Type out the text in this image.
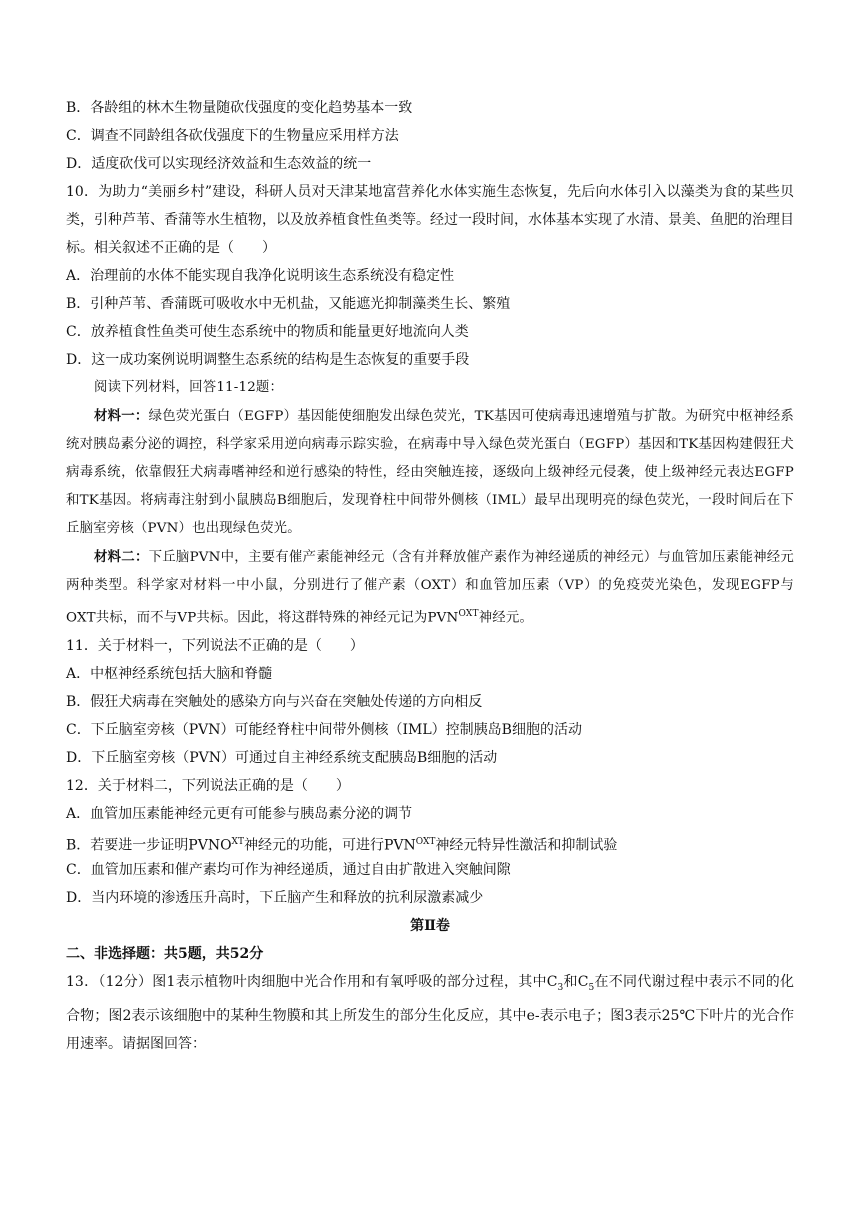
B．各龄组的林木生物量随砍伐强度的变化趋势基本一致
C．调查不同龄组各砍伐强度下的生物量应采用样方法
D．适度砍伐可以实现经济效益和生态效益的统一
10．为助力“美丽乡村”建设，科研人员对天津某地富营养化水体实施生态恢复，先后向水体引入以藻类为食的某些贝类，引种芦苇、香蒲等水生植物，以及放养植食性鱼类等。经过一段时间，水体基本实现了水清、景美、鱼肥的治理目标。相关叙述不正确的是（　　）
A．治理前的水体不能实现自我净化说明该生态系统没有稳定性
B．引种芦苇、香蒲既可吸收水中无机盐，又能遮光抑制藻类生长、繁殖
C．放养植食性鱼类可使生态系统中的物质和能量更好地流向人类
D．这一成功案例说明调整生态系统的结构是生态恢复的重要手段
阅读下列材料，回答11-12题：
材料一：绿色荧光蛋白（EGFP）基因能使细胞发出绿色荧光，TK基因可使病毒迅速增殖与扩散。为研究中枢神经系统对胰岛素分泌的调控，科学家采用逆向病毒示踪实验，在病毒中导入绿色荧光蛋白（EGFP）基因和TK基因构建假狂犬病毒系统，依靠假狂犬病毒嗜神经和逆行感染的特性，经由突触连接，逐级向上级神经元侵袭，使上级神经元表达EGFP和TK基因。将病毒注射到小鼠胰岛B细胞后，发现脊柱中间带外侧核（IML）最早出现明亮的绿色荧光，一段时间后在下丘脑室旁核（PVN）也出现绿色荧光。
材料二：下丘脑PVN中，主要有催产素能神经元（含有并释放催产素作为神经递质的神经元）与血管加压素能神经元两种类型。科学家对材料一中小鼠，分别进行了催产素（OXT）和血管加压素（VP）的免疫荧光染色，发现EGFP与OXT共标，而不与VP共标。因此，将这群特殊的神经元记为$PVN^{OXT}$神经元。
11．关于材料一，下列说法不正确的是（　　）
A．中枢神经系统包括大脑和脊髓
B．假狂犬病毒在突触处的感染方向与兴奋在突触处传递的方向相反
C．下丘脑室旁核（PVN）可能经脊柱中间带外侧核（IML）控制胰岛B细胞的活动
D．下丘脑室旁核（PVN）可通过自主神经系统支配胰岛B细胞的活动
12．关于材料二，下列说法正确的是（　　）
A．血管加压素能神经元更有可能参与胰岛素分泌的调节
B．若要进一步证明$PVNO^{XT}$神经元的功能，可进行$PVN^{OXT}$神经元特异性激活和抑制试验
C．血管加压素和催产素均可作为神经递质，通过自由扩散进入突触间隙
D．当内环境的渗透压升高时，下丘脑产生和释放的抗利尿激素减少
第Ⅱ卷
二、非选择题：共5题，共52分
13．（12分）图1表示植物叶肉细胞中光合作用和有氧呼吸的部分过程，其中$C_3$和$C_5$在不同代谢过程中表示不同的化合物；图2表示该细胞中的某种生物膜和其上所发生的部分生化反应，其中e-表示电子；图3表示25℃下叶片的光合作用速率。请据图回答：
